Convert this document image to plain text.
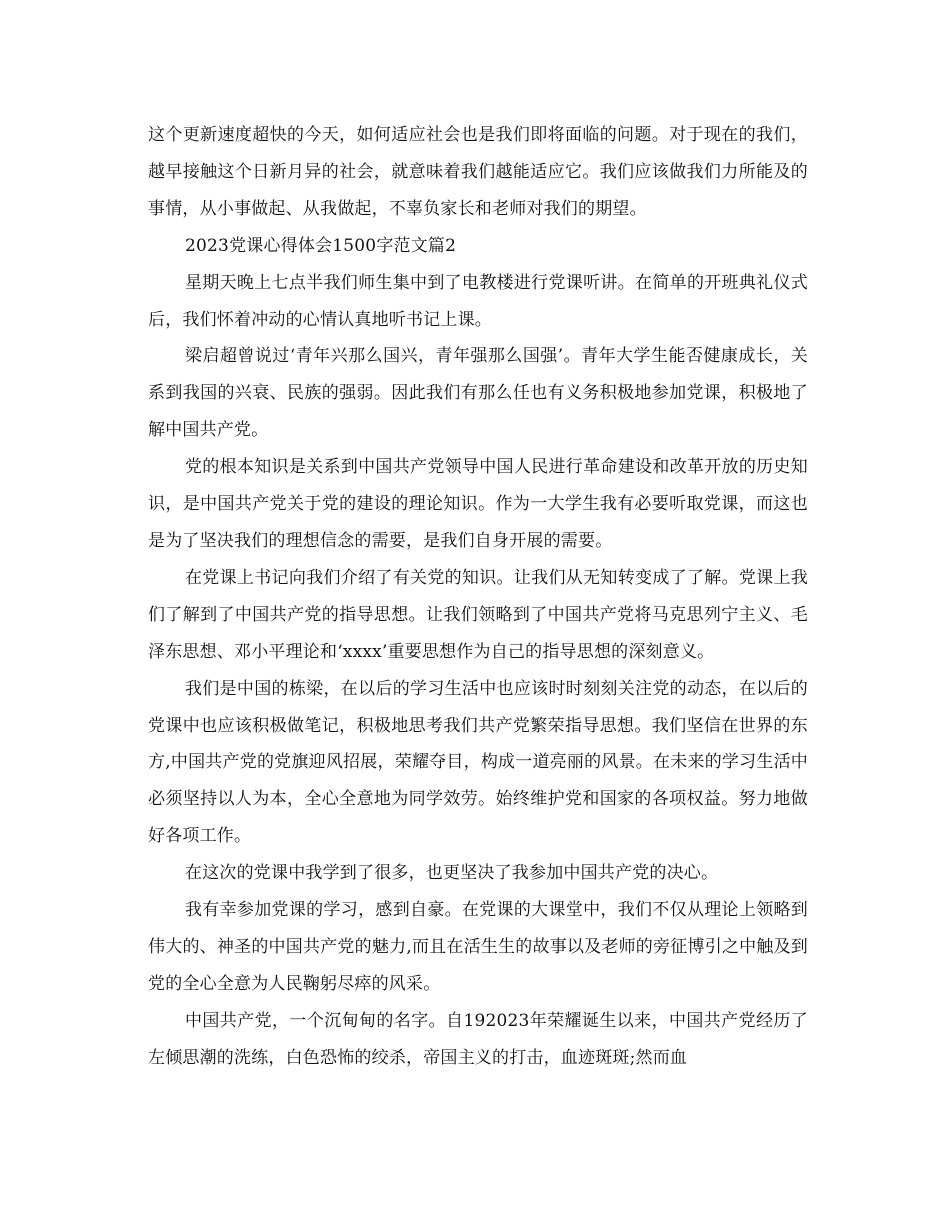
这个更新速度超快的今天，如何适应社会也是我们即将面临的问题。对于现在的我们，越早接触这个日新月异的社会，就意味着我们越能适应它。我们应该做我们力所能及的事情，从小事做起、从我做起，不辜负家长和老师对我们的期望。

2023党课心得体会1500字范文篇2

星期天晚上七点半我们师生集中到了电教楼进行党课听讲。在简单的开班典礼仪式后，我们怀着冲动的心情认真地听书记上课。

梁启超曾说过‘青年兴那么国兴，青年强那么国强’。青年大学生能否健康成长，关系到我国的兴衰、民族的强弱。因此我们有那么任也有义务积极地参加党课，积极地了解中国共产党。

党的根本知识是关系到中国共产党领导中国人民进行革命建设和改革开放的历史知识，是中国共产党关于党的建设的理论知识。作为一大学生我有必要听取党课，而这也是为了坚决我们的理想信念的需要，是我们自身开展的需要。

在党课上书记向我们介绍了有关党的知识。让我们从无知转变成了了解。党课上我们了解到了中国共产党的指导思想。让我们领略到了中国共产党将马克思列宁主义、毛泽东思想、邓小平理论和‘xxxx’重要思想作为自己的指导思想的深刻意义。

我们是中国的栋梁，在以后的学习生活中也应该时时刻刻关注党的动态，在以后的党课中也应该积极做笔记，积极地思考我们共产党繁荣指导思想。我们坚信在世界的东方,中国共产党的党旗迎风招展，荣耀夺目，构成一道亮丽的风景。在未来的学习生活中必须坚持以人为本，全心全意地为同学效劳。始终维护党和国家的各项权益。努力地做好各项工作。

在这次的党课中我学到了很多，也更坚决了我参加中国共产党的决心。

我有幸参加党课的学习，感到自豪。在党课的大课堂中，我们不仅从理论上领略到伟大的、神圣的中国共产党的魅力,而且在活生生的故事以及老师的旁征博引之中触及到党的全心全意为人民鞠躬尽瘁的风采。

中国共产党，一个沉甸甸的名字。自192023年荣耀诞生以来，中国共产党经历了左倾思潮的洗练，白色恐怖的绞杀，帝国主义的打击，血迹斑斑;然而血
